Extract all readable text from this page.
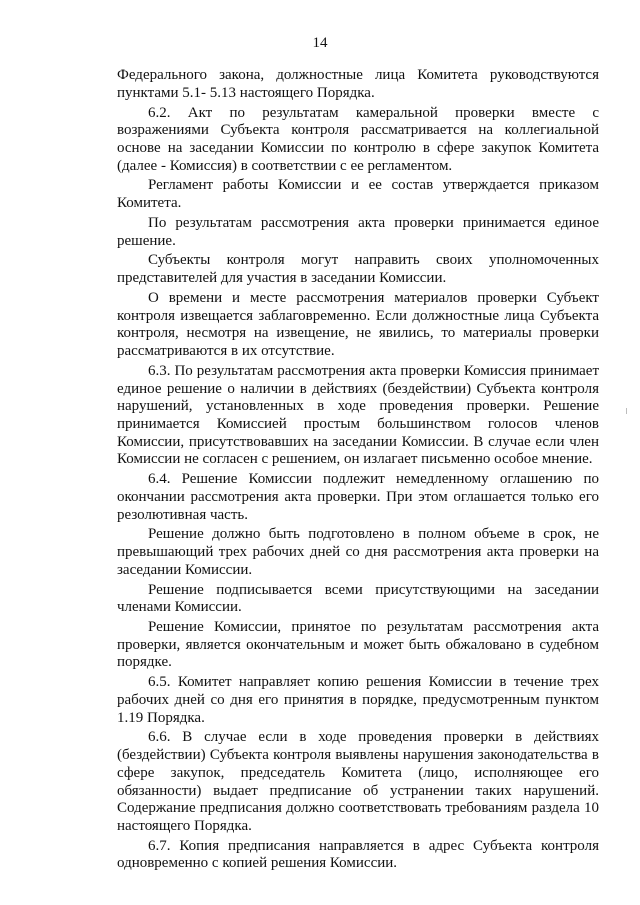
14

Федерального закона, должностные лица Комитета руководствуются пунктами 5.1- 5.13 настоящего Порядка.

6.2. Акт по результатам камеральной проверки вместе с возражениями Субъекта контроля рассматривается на коллегиальной основе на заседании Комиссии по контролю в сфере закупок Комитета (далее - Комиссия) в соответствии с ее регламентом.

Регламент работы Комиссии и ее состав утверждается приказом Комитета.

По результатам рассмотрения акта проверки принимается единое решение.

Субъекты контроля могут направить своих уполномоченных представителей для участия в заседании Комиссии.

О времени и месте рассмотрения материалов проверки Субъект контроля извещается заблаговременно. Если должностные лица Субъекта контроля, несмотря на извещение, не явились, то материалы проверки рассматриваются в их отсутствие.

6.3. По результатам рассмотрения акта проверки Комиссия принимает единое решение о наличии в действиях (бездействии) Субъекта контроля нарушений, установленных в ходе проведения проверки. Решение принимается Комиссией простым большинством голосов членов Комиссии, присутствовавших на заседании Комиссии. В случае если член Комиссии не согласен с решением, он излагает письменно особое мнение.

6.4. Решение Комиссии подлежит немедленному оглашению по окончании рассмотрения акта проверки. При этом оглашается только его резолютивная часть.

Решение должно быть подготовлено в полном объеме в срок, не превышающий трех рабочих дней со дня рассмотрения акта проверки на заседании Комиссии.

Решение подписывается всеми присутствующими на заседании членами Комиссии.

Решение Комиссии, принятое по результатам рассмотрения акта проверки, является окончательным и может быть обжаловано в судебном порядке.

6.5. Комитет направляет копию решения Комиссии в течение трех рабочих дней со дня его принятия в порядке, предусмотренным пунктом 1.19 Порядка.

6.6. В случае если в ходе проведения проверки в действиях (бездействии) Субъекта контроля выявлены нарушения законодательства в сфере закупок, председатель Комитета (лицо, исполняющее его обязанности) выдает предписание об устранении таких нарушений. Содержание предписания должно соответствовать требованиям раздела 10 настоящего Порядка.

6.7. Копия предписания направляется в адрес Субъекта контроля одновременно с копией решения Комиссии.
